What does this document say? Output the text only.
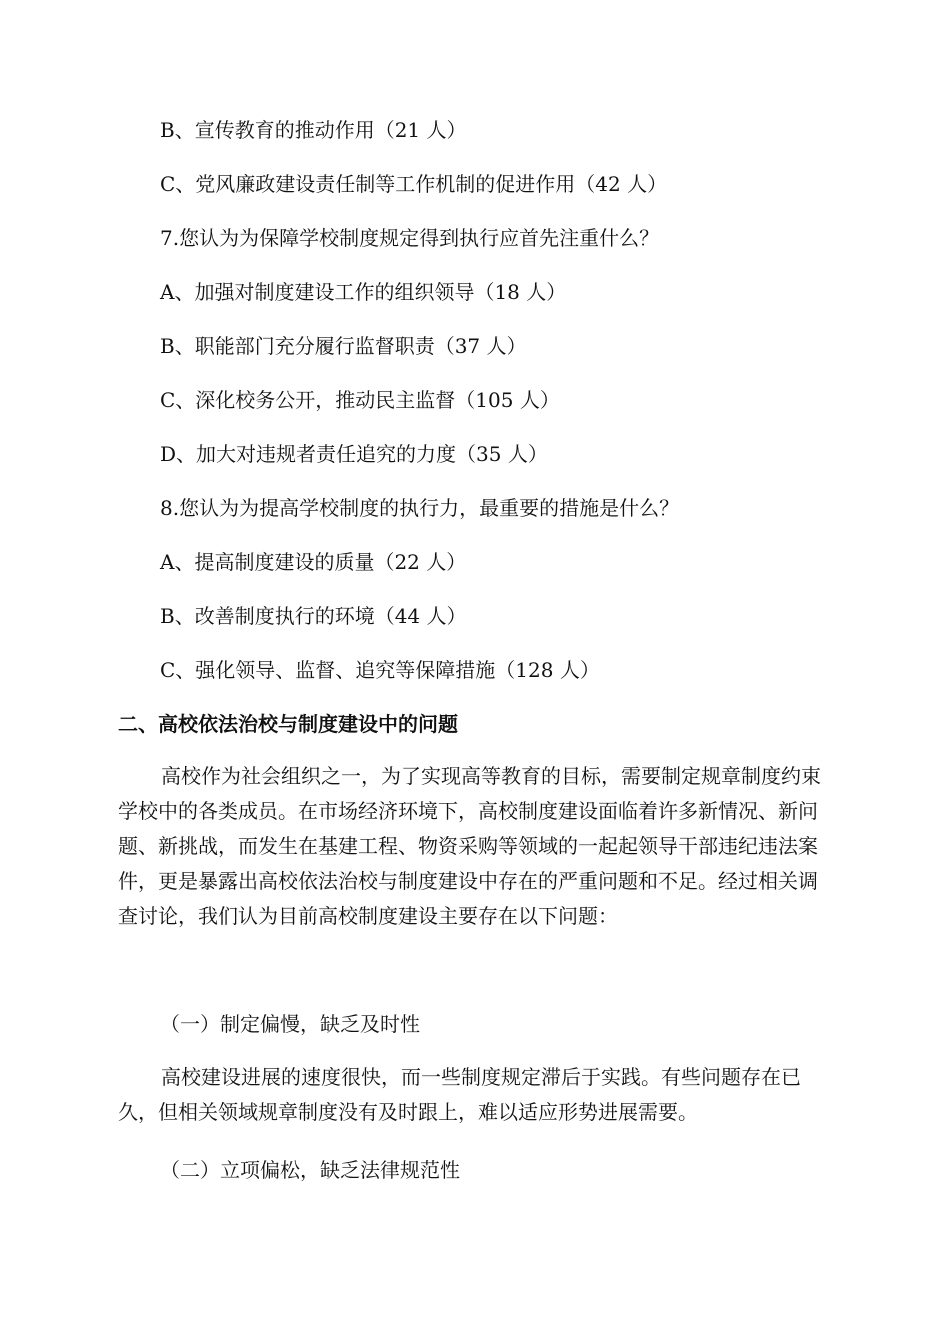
B、宣传教育的推动作用（21 人）
C、党风廉政建设责任制等工作机制的促进作用（42 人）
7.您认为为保障学校制度规定得到执行应首先注重什么？
A、加强对制度建设工作的组织领导（18 人）
B、职能部门充分履行监督职责（37 人）
C、深化校务公开，推动民主监督（105 人）
D、加大对违规者责任追究的力度（35 人）
8.您认为为提高学校制度的执行力，最重要的措施是什么？
A、提高制度建设的质量（22 人）
B、改善制度执行的环境（44 人）
C、强化领导、监督、追究等保障措施（128 人）
二、高校依法治校与制度建设中的问题
高校作为社会组织之一，为了实现高等教育的目标，需要制定规章制度约束学校中的各类成员。在市场经济环境下，高校制度建设面临着许多新情况、新问题、新挑战，而发生在基建工程、物资采购等领域的一起起领导干部违纪违法案件，更是暴露出高校依法治校与制度建设中存在的严重问题和不足。经过相关调查讨论，我们认为目前高校制度建设主要存在以下问题：
（一）制定偏慢，缺乏及时性
高校建设进展的速度很快，而一些制度规定滞后于实践。有些问题存在已久，但相关领域规章制度没有及时跟上，难以适应形势进展需要。
（二）立项偏松，缺乏法律规范性
